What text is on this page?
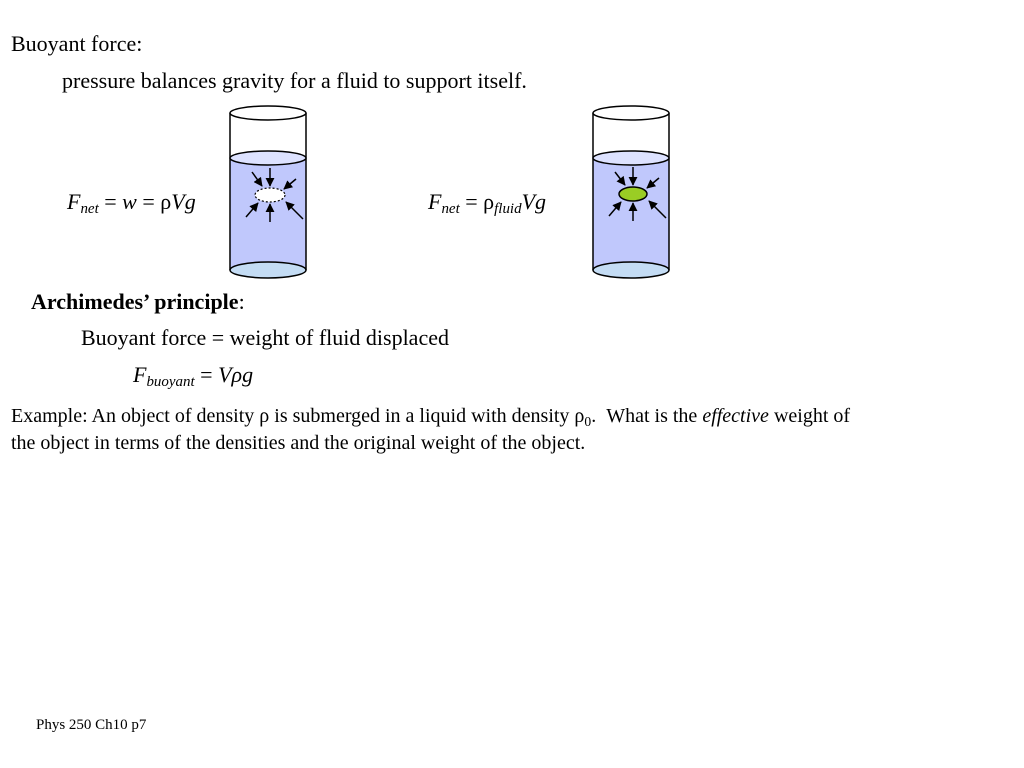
Buoyant force:
pressure balances gravity for a fluid to support itself.
$F_{net} = w = \rho Vg$	$F_{net} = \rho_{fluid}Vg$
Archimedes’ principle:
Buoyant force = weight of fluid displaced
$F_{buoyant} = V\rho g$
Example: An object of density ρ is submerged in a liquid with density $\rho_0$.  What is the effective weight of
the object in terms of the densities and the original weight of the object.
Phys 250 Ch10 p7
